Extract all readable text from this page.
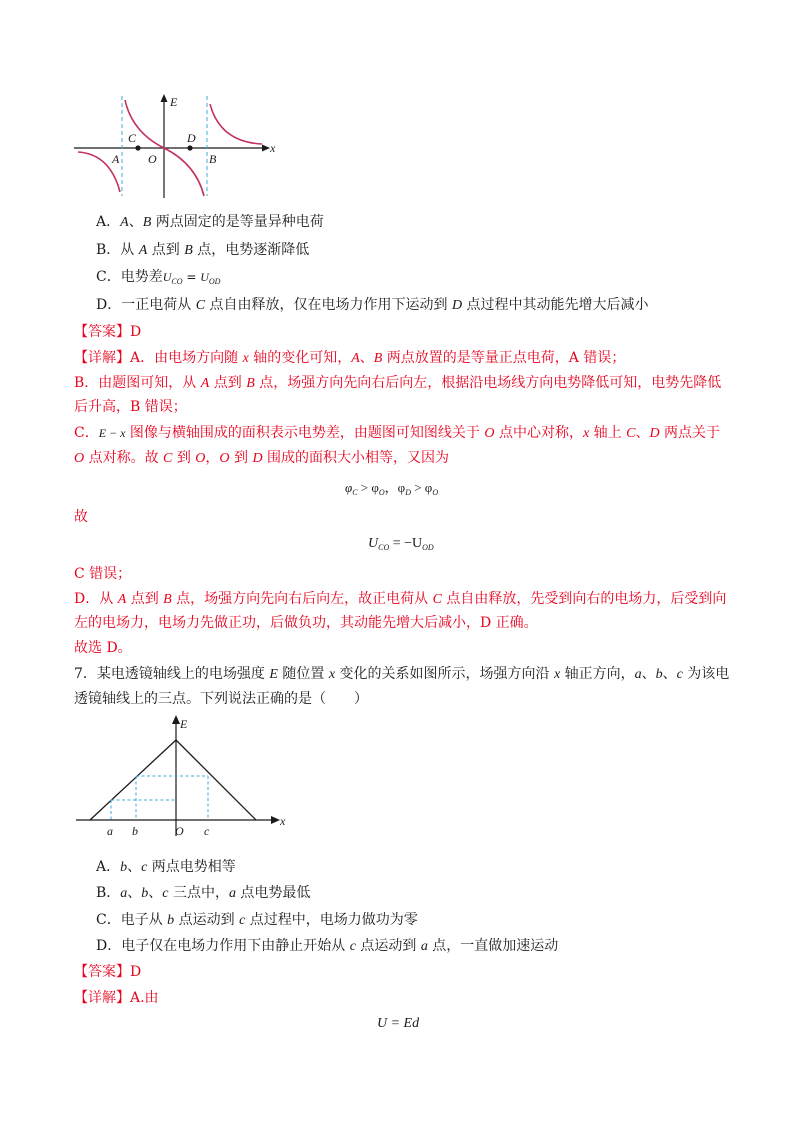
E
x
A
C
O
D
B
A．A、B 两点固定的是等量异种电荷
B．从 A 点到 B 点，电势逐渐降低
C．电势差$U_{CO} = U_{OD}$
D．一正电荷从 C 点自由释放，仅在电场力作用下运动到 D 点过程中其动能先增大后减小
【答案】D
【详解】A．由电场方向随 x 轴的变化可知，A、B 两点放置的是等量正点电荷，A 错误；
B．由题图可知，从 A 点到 B 点，场强方向先向右后向左，根据沿电场线方向电势降低可知，电势先降低
后升高，B 错误；
C．E − x 图像与横轴围成的面积表示电势差，由题图可知图线关于 O 点中心对称，x 轴上 C、D 两点关于
O 点对称。故 C 到 O，O 到 D 围成的面积大小相等，又因为
$\varphi_C > \varphi_O$，$\varphi_D > \varphi_O$
故
$U_{CO} = -U_{OD}$
C 错误；
D．从 A 点到 B 点，场强方向先向右后向左，故正电荷从 C 点自由释放，先受到向右的电场力，后受到向
左的电场力，电场力先做正功，后做负功，其动能先增大后减小，D 正确。
故选 D。
7．某电透镜轴线上的电场强度 E 随位置 x 变化的关系如图所示，场强方向沿 x 轴正方向，a、b、c 为该电
透镜轴线上的三点。下列说法正确的是（　　）
E
x
a b	O c
A．b、c 两点电势相等
B．a、b、c 三点中，a 点电势最低
C．电子从 b 点运动到 c 点过程中，电场力做功为零
D．电子仅在电场力作用下由静止开始从 c 点运动到 a 点，一直做加速运动
【答案】D
【详解】A.由
U = Ed
